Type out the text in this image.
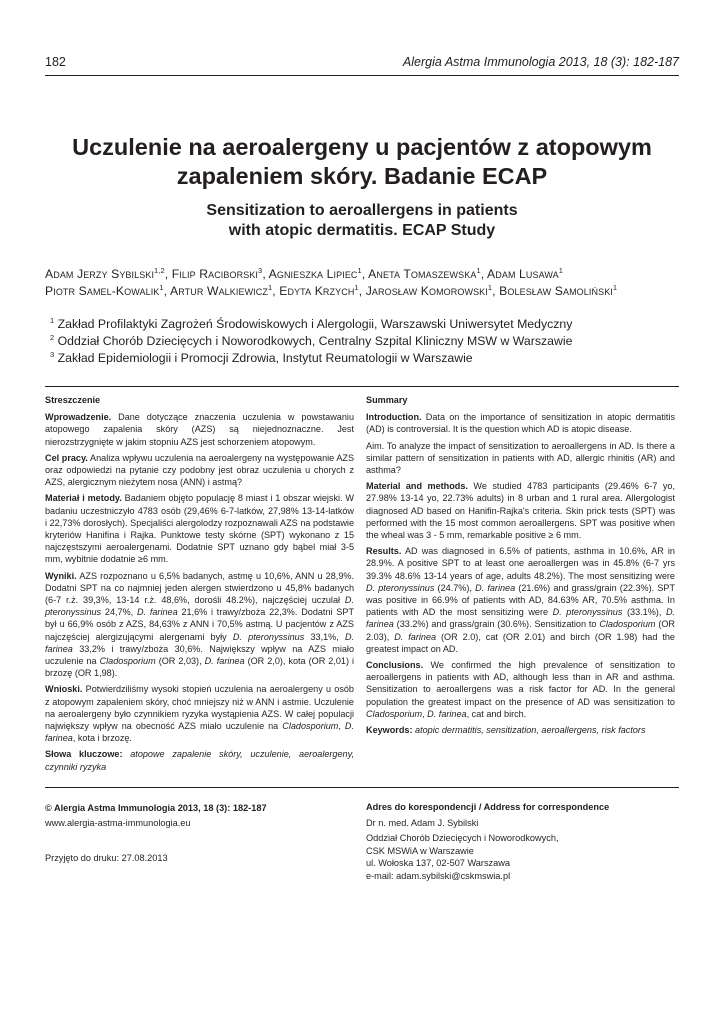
182	Alergia Astma Immunologia 2013, 18 (3): 182-187
Uczulenie na aeroalergeny u pacjentów z atopowym
zapaleniem skóry. Badanie ECAP
Sensitization to aeroallergens in patients
with atopic dermatitis. ECAP Study
Adam Jerzy Sybilski$^{1,2}$, Filip Raciborski$^3$, Agnieszka Lipiec$^1$, Aneta Tomaszewska$^1$, Adam Lusawa$^1$
Piotr Samel-Kowalik$^1$, Artur Walkiewicz$^1$, Edyta Krzych$^1$, Jarosław Komorowski$^1$, Bolesław Samoliński$^1$
$^1$ Zakład Profilaktyki Zagrożeń Środowiskowych i Alergologii, Warszawski Uniwersytet Medyczny
$^2$ Oddział Chorób Dziecięcych i Noworodkowych, Centralny Szpital Kliniczny MSW w Warszawie
$^3$ Zakład Epidemiologii i Promocji Zdrowia, Instytut Reumatologii w Warszawie
Streszczenie

Wprowadzenie. Dane dotyczące znaczenia uczulenia w powstawaniu atopowego zapalenia skóry (AZS) są niejednoznaczne. Jest nierozstrzygnięte w jakim stopniu AZS jest schorzeniem atopowym.

Cel pracy. Analiza wpływu uczulenia na aeroalergeny na występowanie AZS oraz odpowiedzi na pytanie czy podobny jest obraz uczulenia u chorych z AZS, alergicznym nieżytem nosa (ANN) i astmą?

Materiał i metody. Badaniem objęto populację 8 miast i 1 obszar wiejski. W badaniu uczestniczyło 4783 osób (29,46% 6-7-latków, 27,98% 13-14-latków i 22,73% dorosłych). Specjaliści alergolodzy rozpoznawali AZS na podstawie kryteriów Hanifina i Rajka. Punktowe testy skórne (SPT) wykonano z 15 najczęstszymi aeroalergenami. Dodatnie SPT uznano gdy bąbel miał 3-5 mm, wybitnie dodatnie ≥6 mm.

Wyniki. AZS rozpoznano u 6,5% badanych, astmę u 10,6%, ANN u 28,9%. Dodatni SPT na co najmniej jeden alergen stwierdzono u 45,8% badanych (6-7 r.ż. 39,3%, 13-14 r.ż. 48,6%, dorośli 48.2%), najczęściej uczulał D. pteronyssinus 24,7%, D. farinea 21,6% i trawy/zboża 22,3%. Dodatni SPT był u 66,9% osób z AZS, 84,63% z ANN i 70,5% astmą. U pacjentów z AZS najczęściej alergizującymi alergenami były D. pteronyssinus 33,1%, D. farinea 33,2% i trawy/zboża 30,6%. Największy wpływ na AZS miało uczulenie na Cladosporium (OR 2,03), D. farinea (OR 2,0), kota (OR 2,01) i brzozę (OR 1,98).

Wnioski. Potwierdziliśmy wysoki stopień uczulenia na aeroalergeny u osób z atopowym zapaleniem skóry, choć mniejszy niż w ANN i astmie. Uczulenie na aeroalergeny było czynnikiem ryzyka wystąpienia AZS. W całej populacji największy wpływ na obecność AZS miało uczulenie na Cladosporium, D. farinea, kota i brzozę.

Słowa kluczowe: atopowe zapalenie skóry, uczulenie, aeroalergeny, czynniki ryzyka

Summary

Introduction. Data on the importance of sensitization in atopic dermatitis (AD) is controversial. It is the question which AD is atopic disease.

Aim. To analyze the impact of sensitization to aeroallergens in AD. Is there a similar pattern of sensitization in patients with AD, allergic rhinitis (AR) and asthma?

Material and methods. We studied 4783 participants (29.46% 6-7 yo, 27.98% 13-14 yo, 22.73% adults) in 8 urban and 1 rural area. Allergologist diagnosed AD based on Hanifin-Rajka's criteria. Skin prick tests (SPT) was performed with the 15 most common aeroallergens. SPT was positive when the wheal was 3 - 5 mm, remarkable positive ≥ 6 mm.

Results. AD was diagnosed in 6.5% of patients, asthma in 10.6%, AR in 28.9%. A positive SPT to at least one aeroallergen was in 45.8% (6-7 yrs 39.3% 48.6% 13-14 years of age, adults 48.2%). The most sensitizing were D. pteronyssinus (24.7%), D. farinea (21.6%) and grass/grain (22.3%). SPT was positive in 66.9% of patients with AD, 84.63% AR, 70.5% asthma. In patients with AD the most sensitizing were D. pteronyssinus (33.1%), D. farinea (33.2%) and grass/grain (30.6%). Sensitization to Cladosporium (OR 2.03), D. farinea (OR 2.0), cat (OR 2.01) and birch (OR 1.98) had the greatest impact on AD.

Conclusions. We confirmed the high prevalence of sensitization to aeroallergens in patients with AD, although less than in AR and asthma. Sensitization to aeroallergens was a risk factor for AD. In the general population the greatest impact on the presence of AD was sensitization to Cladosporium, D. farinea, cat and birch.

Keywords: atopic dermatitis, sensitization, aeroallergens, risk factors

© Alergia Astma Immunologia 2013, 18 (3): 182-187
www.alergia-astma-immunologia.eu
Przyjęto do druku: 27.08.2013
Adres do korespondencji / Address for correspondence
Dr n. med. Adam J. Sybilski
Oddział Chorób Dziecięcych i Noworodkowych,
CSK MSWiA w Warszawie
ul. Wołoska 137, 02-507 Warszawa
e-mail: adam.sybilski@cskmswia.pl
